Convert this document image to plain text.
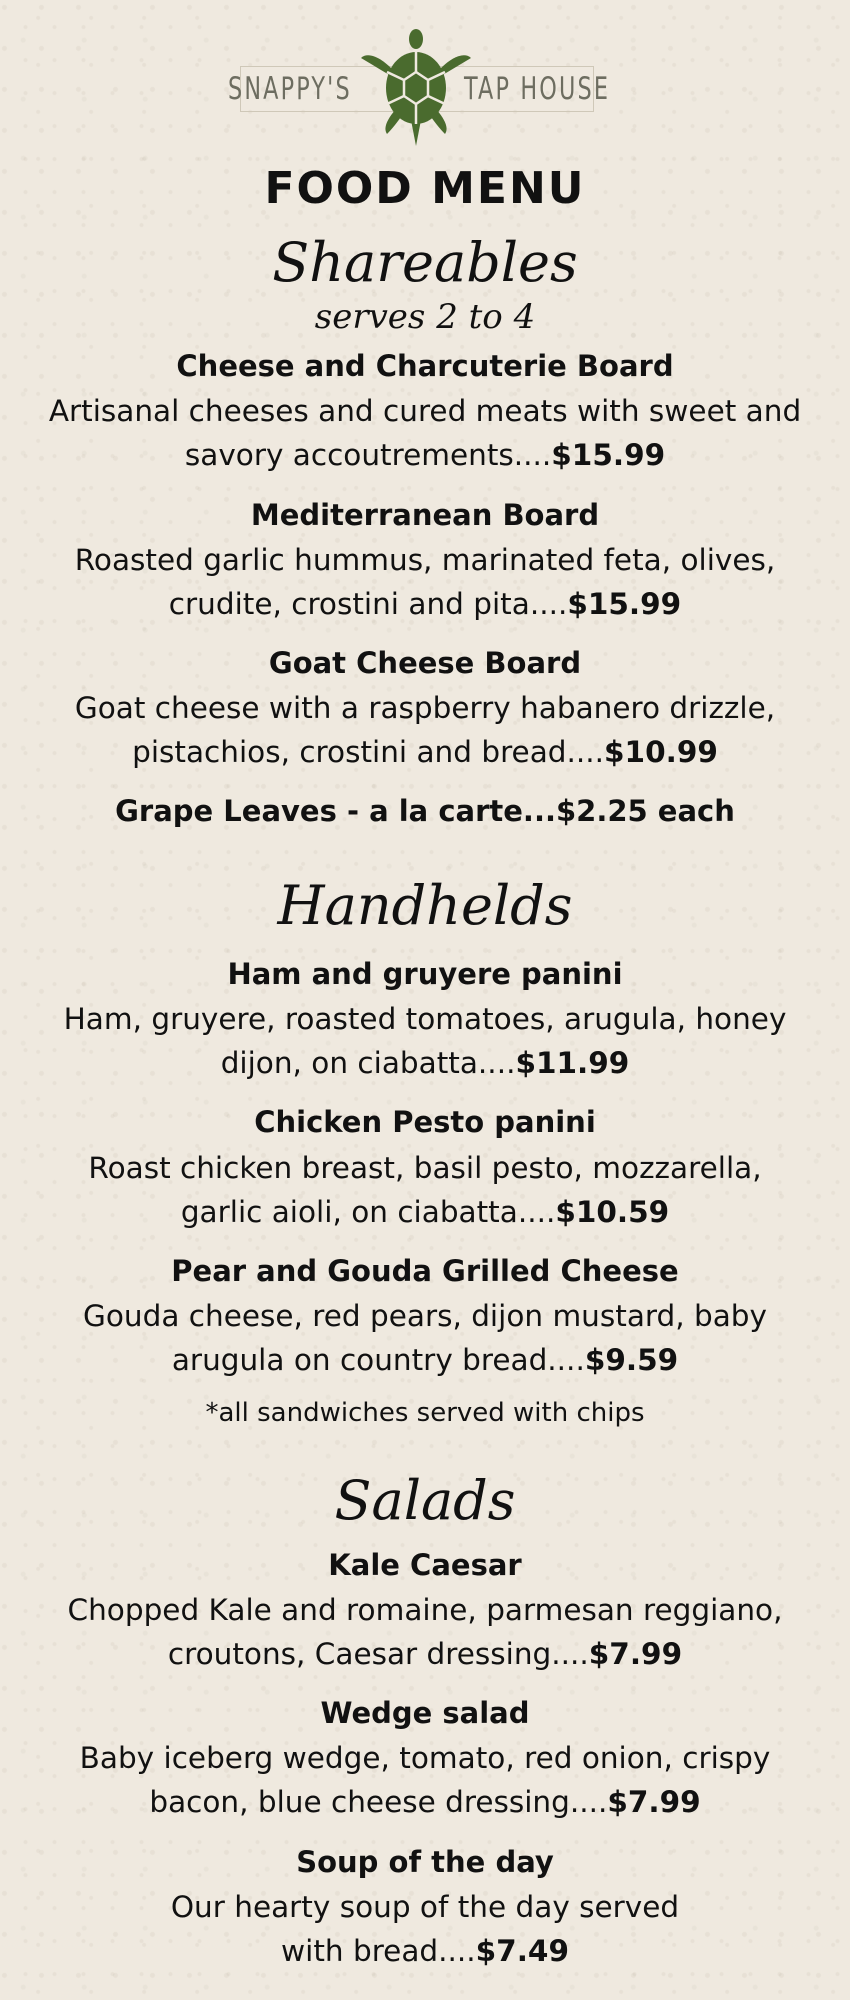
SNAPPY'S	TAP HOUSE
FOOD MENU
Shareables
serves 2 to 4
Cheese and Charcuterie Board
Artisanal cheeses and cured meats with sweet and
savory accoutrements....$15.99
Mediterranean Board
Roasted garlic hummus, marinated feta, olives,
crudite, crostini and pita....$15.99
Goat Cheese Board
Goat cheese with a raspberry habanero drizzle,
pistachios, crostini and bread....$10.99
Grape Leaves - a la carte...$2.25 each
Handhelds
Ham and gruyere panini
Ham, gruyere, roasted tomatoes, arugula, honey
dijon, on ciabatta....$11.99
Chicken Pesto panini
Roast chicken breast, basil pesto, mozzarella,
garlic aioli, on ciabatta....$10.59
Pear and Gouda Grilled Cheese
Gouda cheese, red pears, dijon mustard, baby
arugula on country bread....$9.59
*all sandwiches served with chips
Salads
Kale Caesar
Chopped Kale and romaine, parmesan reggiano,
croutons, Caesar dressing....$7.99
Wedge salad
Baby iceberg wedge, tomato, red onion, crispy
bacon, blue cheese dressing....$7.99
Soup of the day
Our hearty soup of the day served
with bread....$7.49
